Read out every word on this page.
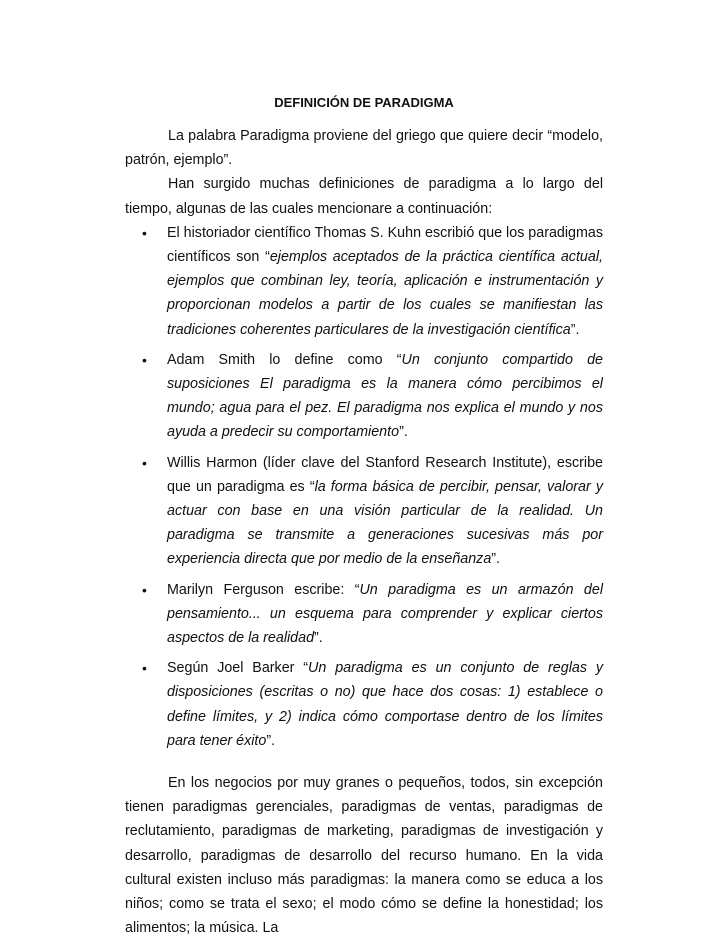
DEFINICIÓN DE PARADIGMA

La palabra Paradigma proviene del griego que quiere decir “modelo, patrón, ejemplo”.

Han surgido muchas definiciones de paradigma a lo largo del tiempo, algunas de las cuales mencionare a continuación:

• El historiador científico Thomas S. Kuhn escribió que los paradigmas científicos son “ejemplos aceptados de la práctica científica actual, ejemplos que combinan ley, teoría, aplicación e instrumentación y proporcionan modelos a partir de los cuales se manifiestan las tradiciones coherentes particulares de la investigación científica”.
• Adam Smith lo define como “Un conjunto compartido de suposiciones El paradigma es la manera cómo percibimos el mundo; agua para el pez. El paradigma nos explica el mundo y nos ayuda a predecir su comportamiento”.
• Willis Harmon (líder clave del Stanford Research Institute), escribe que un paradigma es “la forma básica de percibir, pensar, valorar y actuar con base en una visión particular de la realidad. Un paradigma se transmite a generaciones sucesivas más por experiencia directa que por medio de la enseñanza”.
• Marilyn Ferguson escribe: “Un paradigma es un armazón del pensamiento... un esquema para comprender y explicar ciertos aspectos de la realidad”.
• Según Joel Barker “Un paradigma es un conjunto de reglas y disposiciones (escritas o no) que hace dos cosas: 1) establece o define límites, y 2) indica cómo comportase dentro de los límites para tener éxito”.

En los negocios por muy granes o pequeños, todos, sin excepción tienen paradigmas gerenciales, paradigmas de ventas, paradigmas de reclutamiento, paradigmas de marketing, paradigmas de investigación y desarrollo, paradigmas de desarrollo del recurso humano. En la vida cultural existen incluso más paradigmas: la manera como se educa a los niños; como se trata el sexo; el modo cómo se define la honestidad; los alimentos; la música. La
